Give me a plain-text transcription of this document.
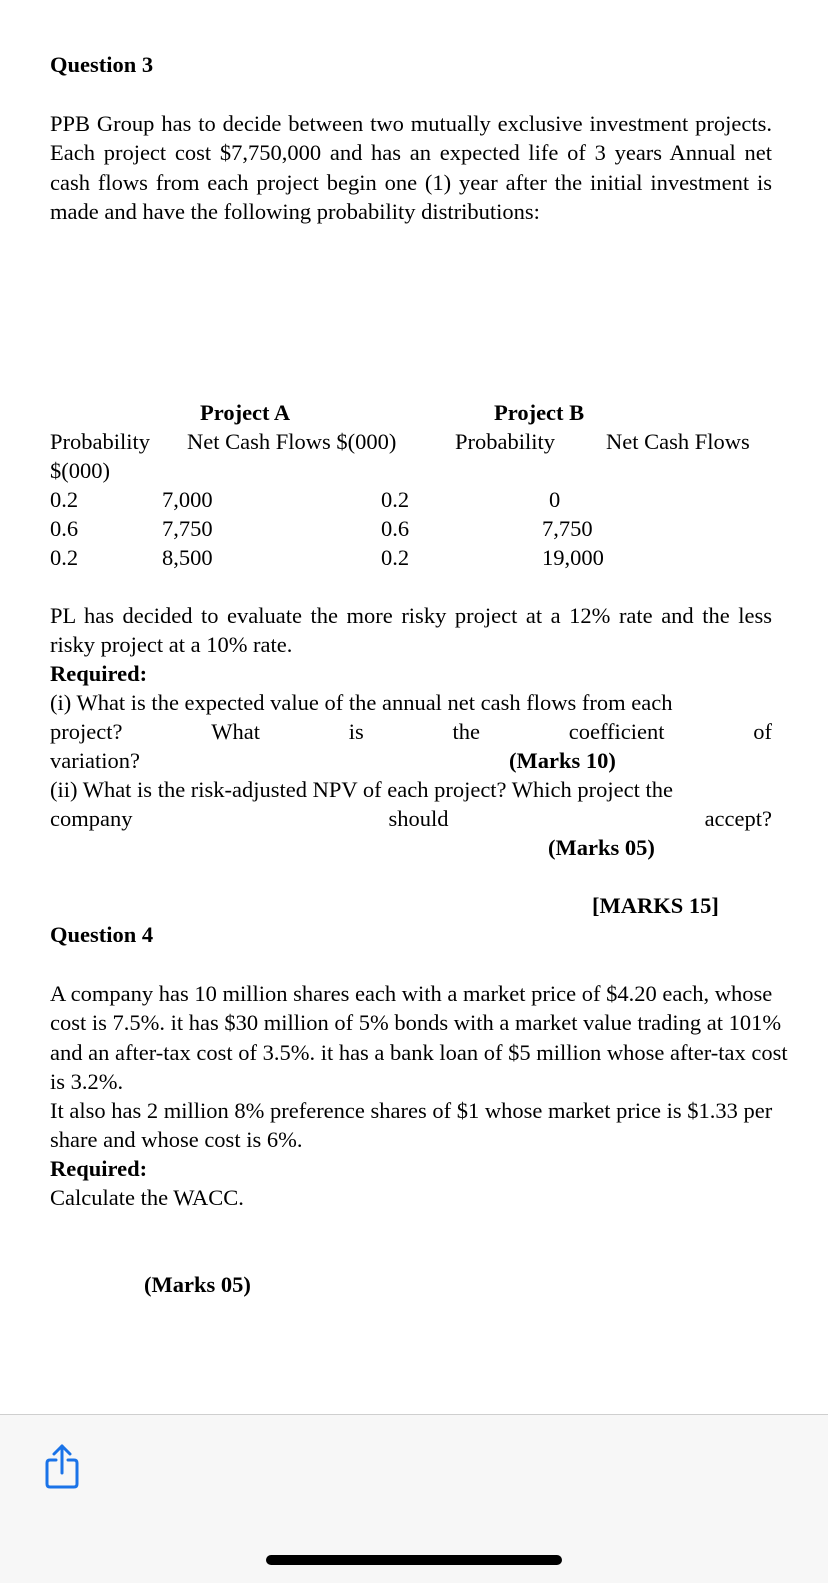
Question 3
PPB Group has to decide between two mutually exclusive investment projects. Each project cost $7,750,000 and has an expected life of 3 years Annual net cash flows from each project begin one (1) year after the initial investment is made and have the following probability distributions:
Project A	Project B
Probability Net Cash Flows $(000)	Probability Net Cash Flows
$(000)
0.2	7,000	0.2	0
0.6	7,750	0.6	7,750
0.2	8,500	0.2	19,000
PL has decided to evaluate the more risky project at a 12% rate and the less risky project at a 10% rate.
Required:
(i) What is the expected value of the annual net cash flows from each
project?	What	is	the	coefficient	of
variation?	(Marks 10)
(ii) What is the risk-adjusted NPV of each project? Which project the
company	should	accept?
(Marks 05)
[MARKS 15]
Question 4
A company has 10 million shares each with a market price of $4.20 each, whose cost is 7.5%. it has $30 million of 5% bonds with a market value trading at 101% and an after-tax cost of 3.5%. it has a bank loan of $5 million whose after-tax cost is 3.2%.
It also has 2 million 8% preference shares of $1 whose market price is $1.33 per share and whose cost is 6%.
Required:
Calculate the WACC.
(Marks 05)
